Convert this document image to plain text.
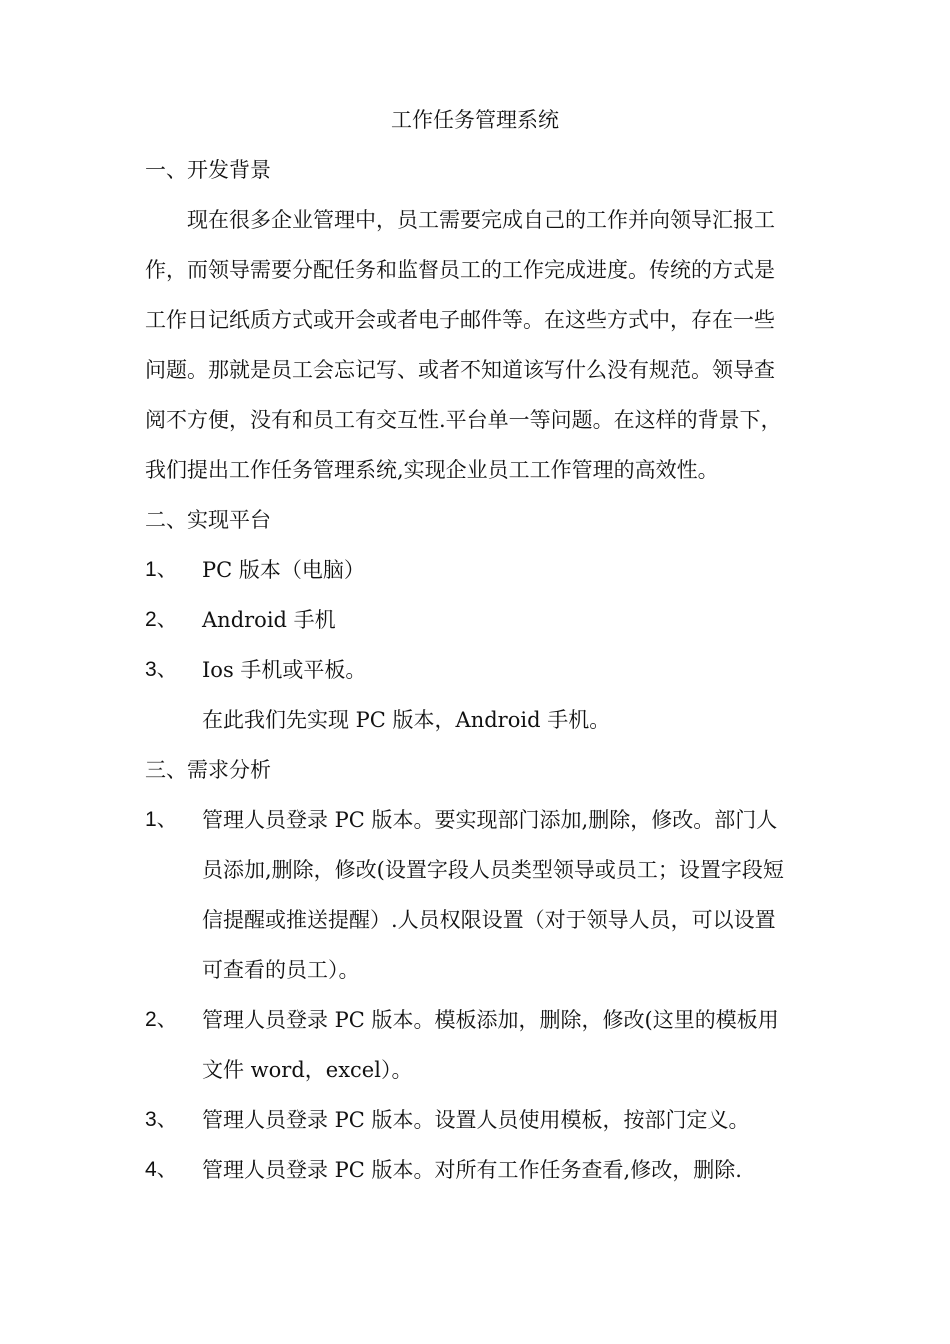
工作任务管理系统
一、开发背景
现在很多企业管理中，员工需要完成自己的工作并向领导汇报工
作，而领导需要分配任务和监督员工的工作完成进度。传统的方式是
工作日记纸质方式或开会或者电子邮件等。在这些方式中，存在一些
问题。那就是员工会忘记写、或者不知道该写什么没有规范。领导查
阅不方便，没有和员工有交互性.平台单一等问题。在这样的背景下，
我们提出工作任务管理系统,实现企业员工工作管理的高效性。
二、实现平台
1、 PC 版本（电脑）
2、 Android 手机
3、 Ios 手机或平板。
在此我们先实现 PC 版本，Android 手机。
三、需求分析
1、 管理人员登录 PC 版本。要实现部门添加,删除，修改。部门人
员添加,删除，修改(设置字段人员类型领导或员工；设置字段短
信提醒或推送提醒）.人员权限设置（对于领导人员，可以设置
可查看的员工）。
2、 管理人员登录 PC 版本。模板添加，删除，修改(这里的模板用
文件 word，excel）。
3、 管理人员登录 PC 版本。设置人员使用模板，按部门定义。
4、 管理人员登录 PC 版本。对所有工作任务查看,修改，删除.
